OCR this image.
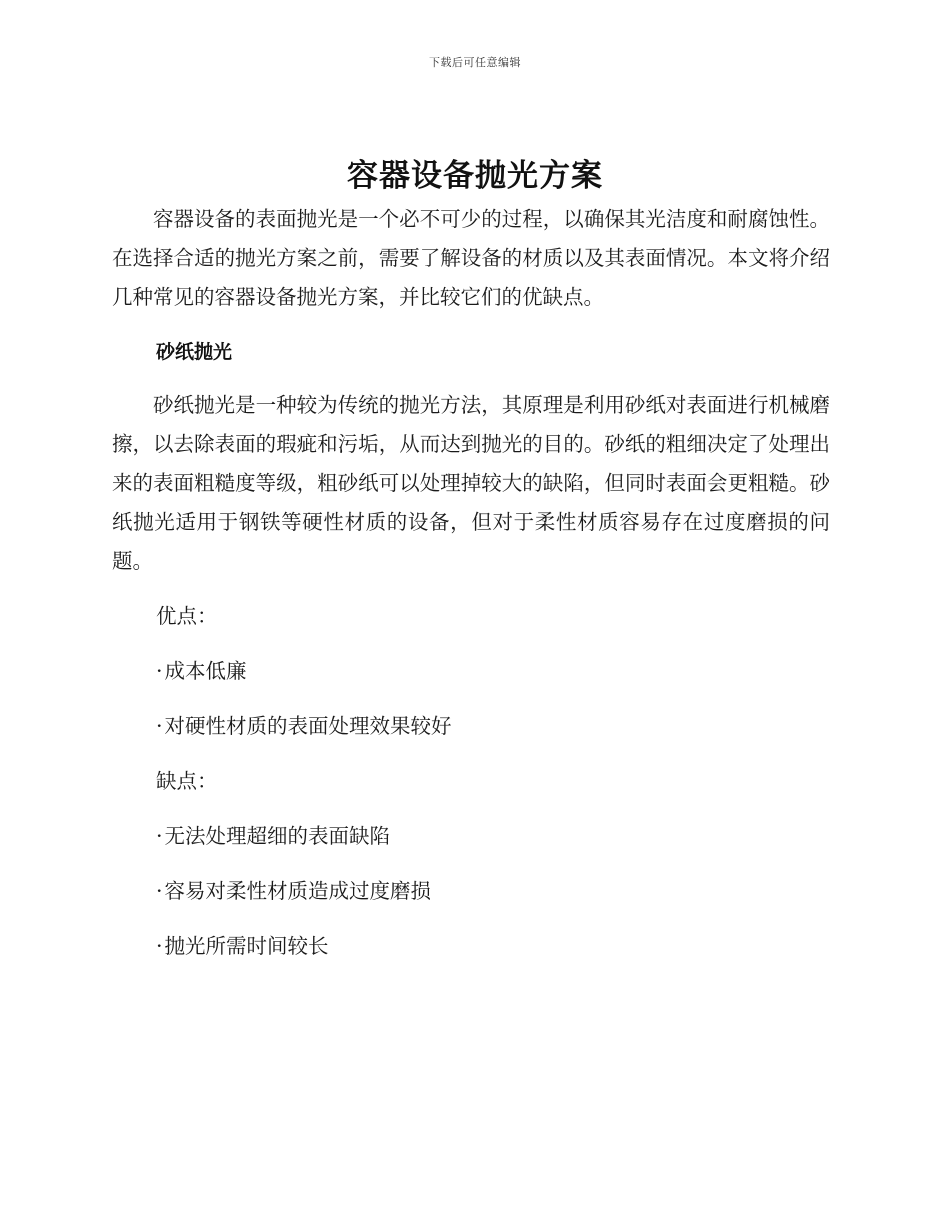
下载后可任意编辑
容器设备抛光方案

容器设备的表面抛光是一个必不可少的过程，以确保其光洁度和耐腐蚀性。在选择合适的抛光方案之前，需要了解设备的材质以及其表面情况。本文将介绍几种常见的容器设备抛光方案，并比较它们的优缺点。

砂纸抛光

砂纸抛光是一种较为传统的抛光方法，其原理是利用砂纸对表面进行机械磨擦，以去除表面的瑕疵和污垢，从而达到抛光的目的。砂纸的粗细决定了处理出来的表面粗糙度等级，粗砂纸可以处理掉较大的缺陷，但同时表面会更粗糙。砂纸抛光适用于钢铁等硬性材质的设备，但对于柔性材质容易存在过度磨损的问题。

优点：
·成本低廉
·对硬性材质的表面处理效果较好
缺点：
·无法处理超细的表面缺陷
·容易对柔性材质造成过度磨损
·抛光所需时间较长
